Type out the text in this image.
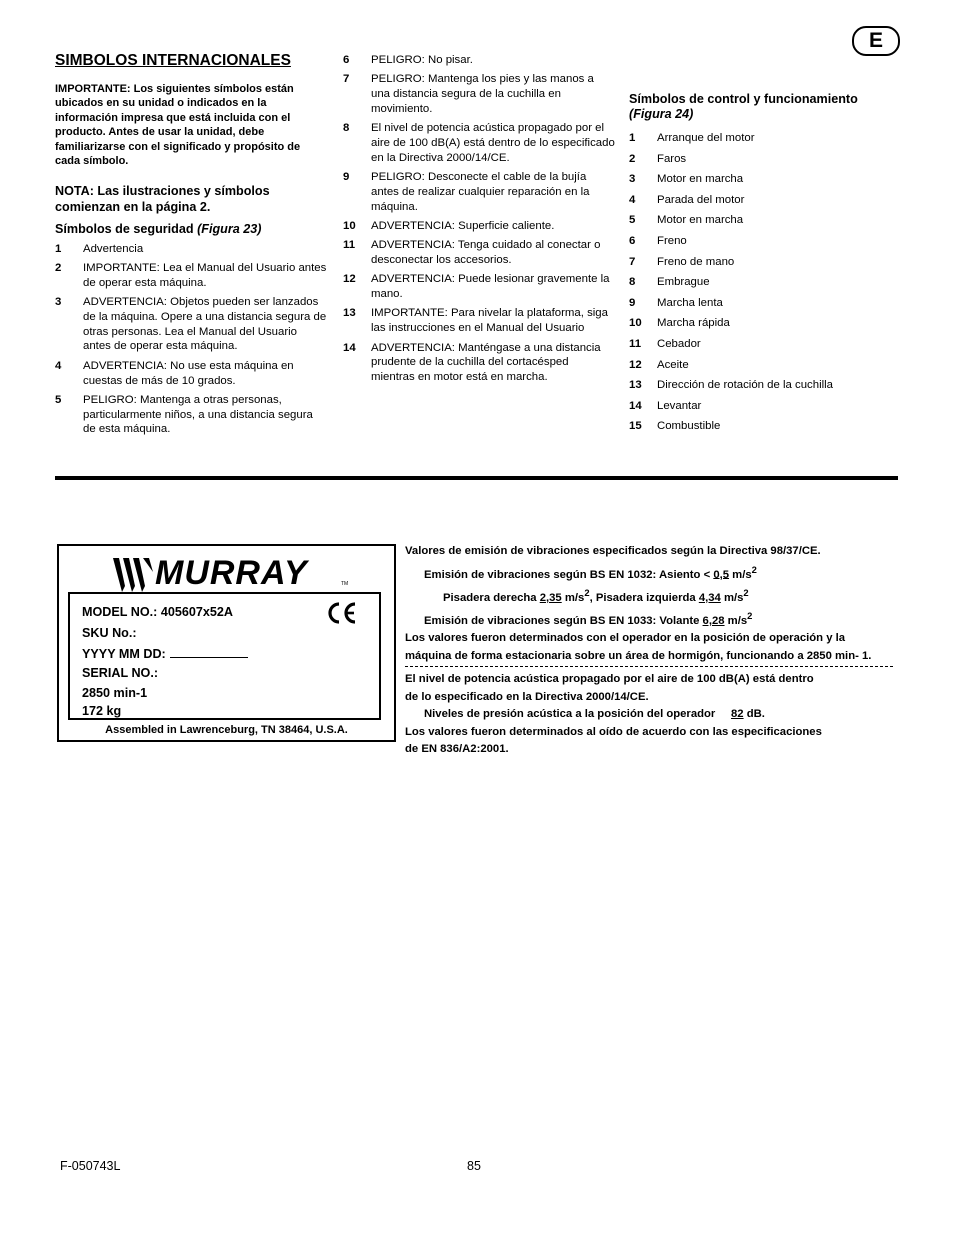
E
SIMBOLOS INTERNACIONALES
IMPORTANTE: Los siguientes símbolos están ubicados en su unidad o indicados en la información impresa que está incluida con el producto. Antes de usar la unidad, debe familiarizarse con el significado y propósito de cada símbolo.
NOTA: Las ilustraciones y símbolos comienzan en la página 2.
Símbolos de seguridad (Figura 23)
1	Advertencia
2	IMPORTANTE: Lea el Manual del Usuario antes de operar esta máquina.
3	ADVERTENCIA: Objetos pueden ser lanzados de la máquina. Opere a una distancia segura de otras personas. Lea el Manual del Usuario antes de operar esta máquina.
4	ADVERTENCIA: No use esta máquina en cuestas de más de 10 grados.
5	PELIGRO: Mantenga a otras personas, particularmente niños, a una distancia segura de esta máquina.
6	PELIGRO: No pisar.
7	PELIGRO: Mantenga los pies y las manos a una distancia segura de la cuchilla en movimiento.
8	El nivel de potencia acústica propagado por el aire de 100 dB(A) está dentro de lo especificado en la Directiva 2000/14/CE.
9	PELIGRO: Desconecte el cable de la bujía antes de realizar cualquier reparación en la máquina.
10	ADVERTENCIA: Superficie caliente.
11	ADVERTENCIA: Tenga cuidado al conectar o desconectar los accesorios.
12	ADVERTENCIA: Puede lesionar gravemente la mano.
13	IMPORTANTE: Para nivelar la plataforma, siga las instrucciones en el Manual del Usuario
14	ADVERTENCIA: Manténgase a una distancia prudente de la cuchilla del cortacésped mientras en motor está en marcha.
Símbolos de control y funcionamiento
(Figura 24)
1	Arranque del motor
2	Faros
3	Motor en marcha
4	Parada del motor
5	Motor en marcha
6	Freno
7	Freno de mano
8	Embrague
9	Marcha lenta
10	Marcha rápida
11	Cebador
12	Aceite
13	Dirección de rotación de la cuchilla
14	Levantar
15	Combustible
MURRAY	TM
MODEL NO.: 405607x52A
SKU No.:
YYYY MM DD:
SERIAL NO.:
2850 min-1
172 kg
Assembled in Lawrenceburg, TN 38464, U.S.A.
Valores de emisión de vibraciones especificados según la Directiva 98/37/CE.
Emisión de vibraciones según BS EN 1032: Asiento < 0,5 $m/s^2$
Pisadera derecha 2,35 $m/s^2$, Pisadera izquierda 4,34 $m/s^2$
Emisión de vibraciones según BS EN 1033: Volante 6,28 $m/s^2$
Los valores fueron determinados con el operador en la posición de operación y la
máquina de forma estacionaria sobre un área de hormigón, funcionando a 2850 min- 1.
El nivel de potencia acústica propagado por el aire de 100 dB(A) está dentro
de lo especificado en la Directiva 2000/14/CE.
Niveles de presión acústica a la posición del operador 82 dB.
Los valores fueron determinados al oído de acuerdo con las especificaciones
de EN 836/A2:2001.
F-050743L	85
